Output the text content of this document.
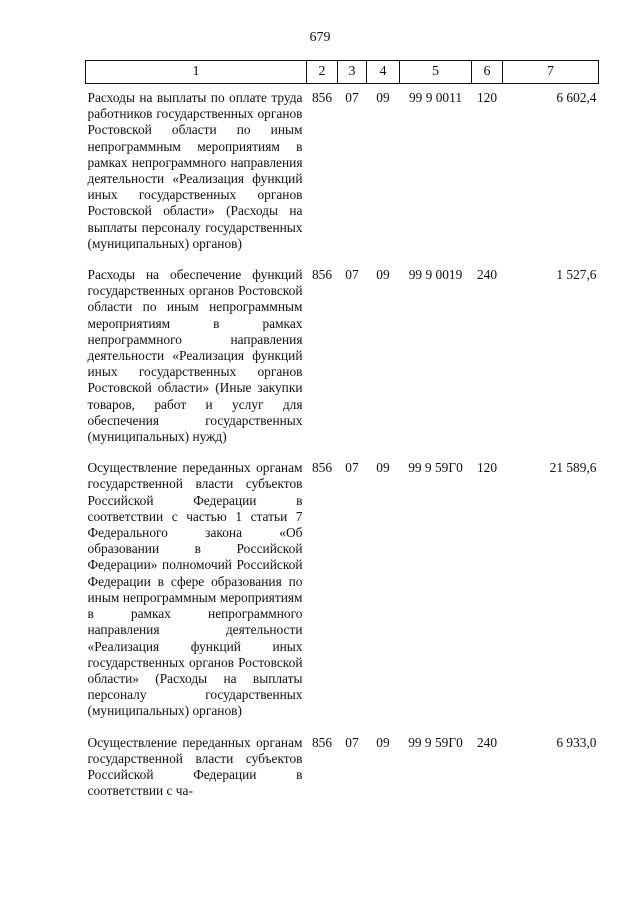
679
1	2	3	4	5	6	7
Расходы на выплаты по оплате труда работников государственных органов Ростовской области по иным непрограммным мероприятиям в рамках непрограммного направления деятельности «Реализация функций иных государственных органов Ростовской области» (Расходы на выплаты персоналу государственных (муниципальных) органов)	856	07	09	99 9 0011	120	6 602,4
Расходы на обеспечение функций государственных органов Ростовской области по иным непрограммным мероприятиям в рамках непрограммного направления деятельности «Реализация функций иных государственных органов Ростовской области» (Иные закупки товаров, работ и услуг для обеспечения государственных (муниципальных) нужд)	856	07	09	99 9 0019	240	1 527,6
Осуществление переданных органам государственной власти субъектов Российской Федерации в соответствии с частью 1 статьи 7 Федерального закона «Об образовании в Российской Федерации» полномочий Российской Федерации в сфере образования по иным непрограммным мероприятиям в рамках непрограммного направления деятельности «Реализация функций иных государственных органов Ростовской области» (Расходы на выплаты персоналу государственных (муниципальных) органов)	856	07	09	99 9 59Г0	120	21 589,6
Осуществление переданных органам государственной власти субъектов Российской Федерации в соответствии с ча-	856	07	09	99 9 59Г0	240	6 933,0
